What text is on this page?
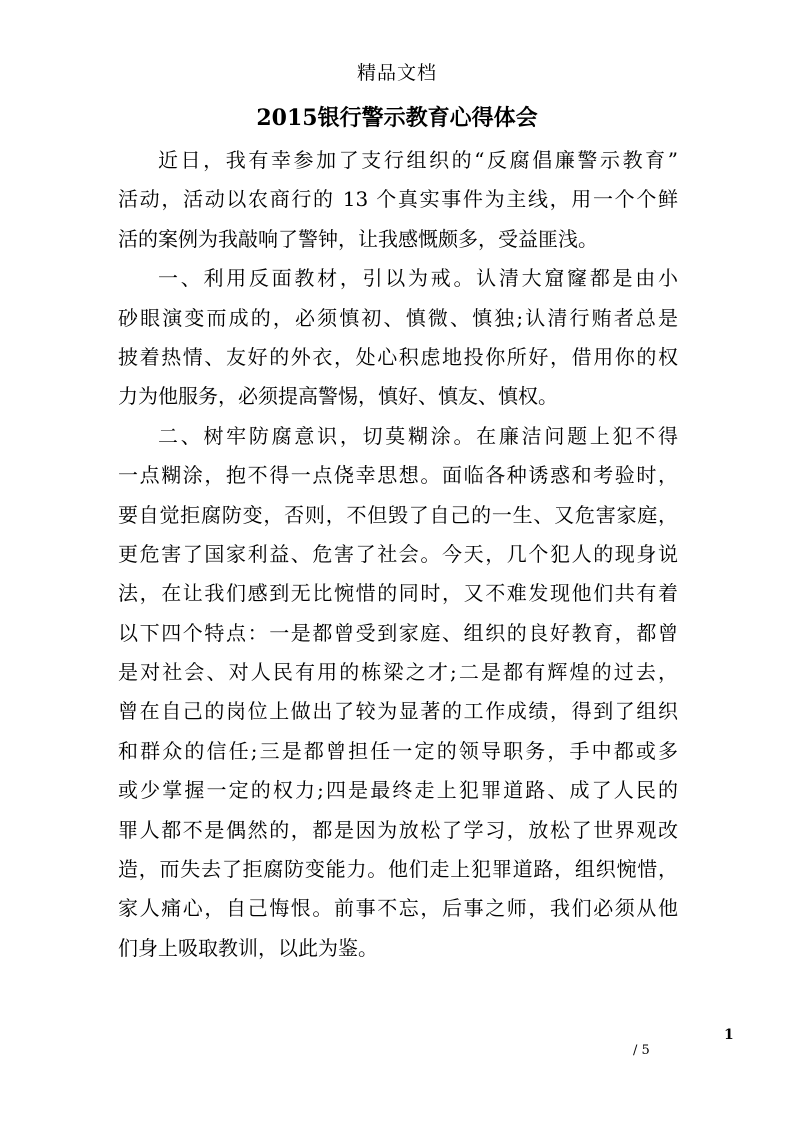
精品文档
2015银行警示教育心得体会
近日，我有幸参加了支行组织的“反腐倡廉警示教育”
活动，活动以农商行的 13 个真实事件为主线，用一个个鲜
活的案例为我敲响了警钟，让我感慨颇多，受益匪浅。
一、利用反面教材，引以为戒。认清大窟窿都是由小
砂眼演变而成的，必须慎初、慎微、慎独;认清行贿者总是
披着热情、友好的外衣，处心积虑地投你所好，借用你的权
力为他服务，必须提高警惕，慎好、慎友、慎权。
二、树牢防腐意识，切莫糊涂。在廉洁问题上犯不得
一点糊涂，抱不得一点侥幸思想。面临各种诱惑和考验时，
要自觉拒腐防变，否则，不但毁了自己的一生、又危害家庭，
更危害了国家利益、危害了社会。今天，几个犯人的现身说
法，在让我们感到无比惋惜的同时，又不难发现他们共有着
以下四个特点：一是都曾受到家庭、组织的良好教育，都曾
是对社会、对人民有用的栋梁之才;二是都有辉煌的过去，
曾在自己的岗位上做出了较为显著的工作成绩，得到了组织
和群众的信任;三是都曾担任一定的领导职务，手中都或多
或少掌握一定的权力;四是最终走上犯罪道路、成了人民的
罪人都不是偶然的，都是因为放松了学习，放松了世界观改
造，而失去了拒腐防变能力。他们走上犯罪道路，组织惋惜，
家人痛心，自己悔恨。前事不忘，后事之师，我们必须从他
们身上吸取教训，以此为鉴。
1
/ 5
